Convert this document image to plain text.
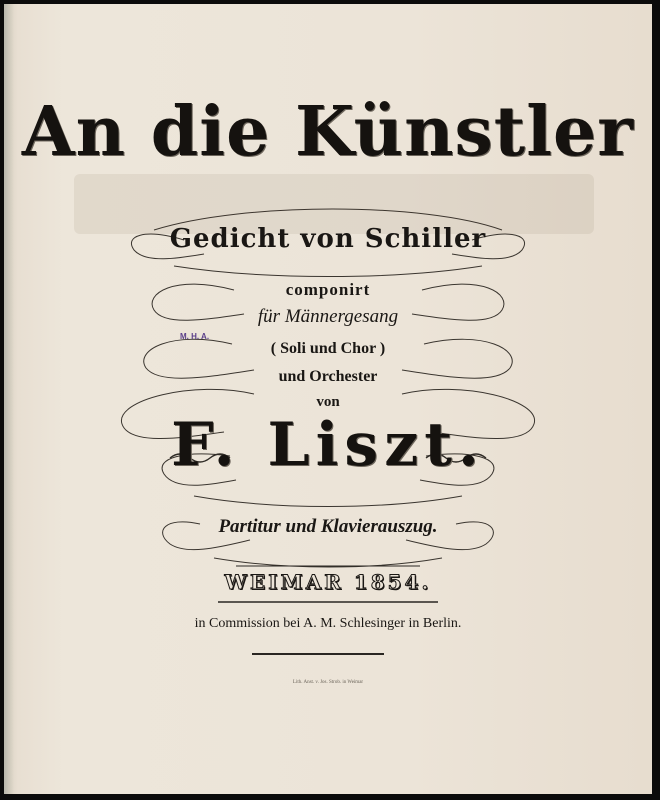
An die Künstler
Gedicht von Schiller
componirt
für Männergesang
( Soli und Chor )
und Orchester
von
F. Liszt.
Partitur und Klavierauszug.
WEIMAR 1854.
in Commission bei A. M. Schlesinger in Berlin.
Lith. Anst. v. Jos. Strob. in Weimar
M. H. A.
